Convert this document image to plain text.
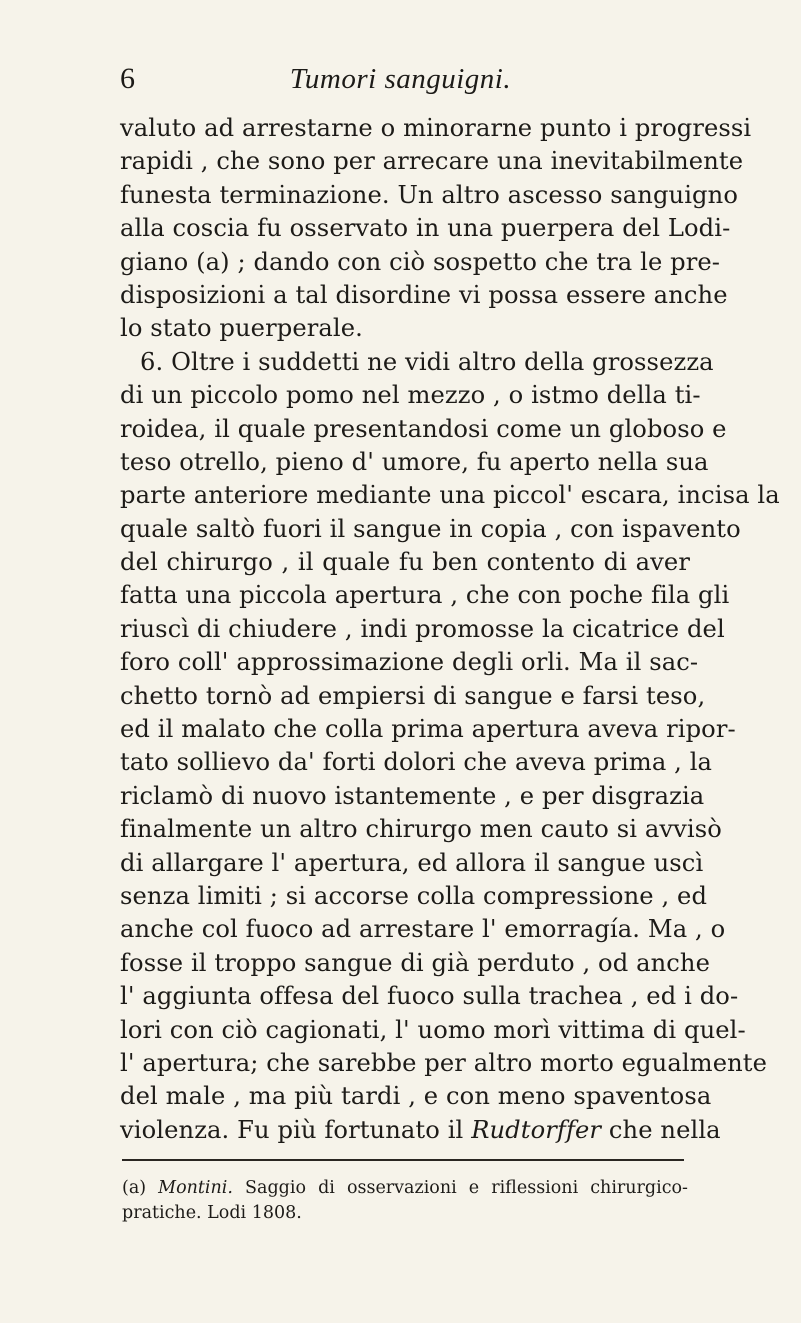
6	Tumori sanguigni.
valuto ad arrestarne o minorarne punto i progressi
rapidi , che sono per arrecare una inevitabilmente
funesta terminazione. Un altro ascesso sanguigno
alla coscia fu osservato in una puerpera del Lodi-
giano (a) ; dando con ciò sospetto che tra le pre-
disposizioni a tal disordine vi possa essere anche
lo stato puerperale.
6. Oltre i suddetti ne vidi altro della grossezza
di un piccolo pomo nel mezzo , o istmo della ti-
roidea, il quale presentandosi come un globoso e
teso otrello, pieno d' umore, fu aperto nella sua
parte anteriore mediante una piccol' escara, incisa la
quale saltò fuori il sangue in copia , con ispavento
del chirurgo , il quale fu ben contento di aver
fatta una piccola apertura , che con poche fila gli
riuscì di chiudere , indi promosse la cicatrice del
foro coll' approssimazione degli orli. Ma il sac-
chetto tornò ad empiersi di sangue e farsi teso,
ed il malato che colla prima apertura aveva ripor-
tato sollievo da' forti dolori che aveva prima , la
riclamò di nuovo istantemente , e per disgrazia
finalmente un altro chirurgo men cauto si avvisò
di allargare l' apertura, ed allora il sangue uscì
senza limiti ; si accorse colla compressione , ed
anche col fuoco ad arrestare l' emorragía. Ma , o
fosse il troppo sangue di già perduto , od anche
l' aggiunta offesa del fuoco sulla trachea , ed i do-
lori con ciò cagionati, l' uomo morì vittima di quel-
l' apertura; che sarebbe per altro morto egualmente
del male , ma più tardi , e con meno spaventosa
violenza. Fu più fortunato il Rudtorffer che nella
(a) Montini. Saggio di osservazioni e riflessioni chirurgico-
pratiche. Lodi 1808.
